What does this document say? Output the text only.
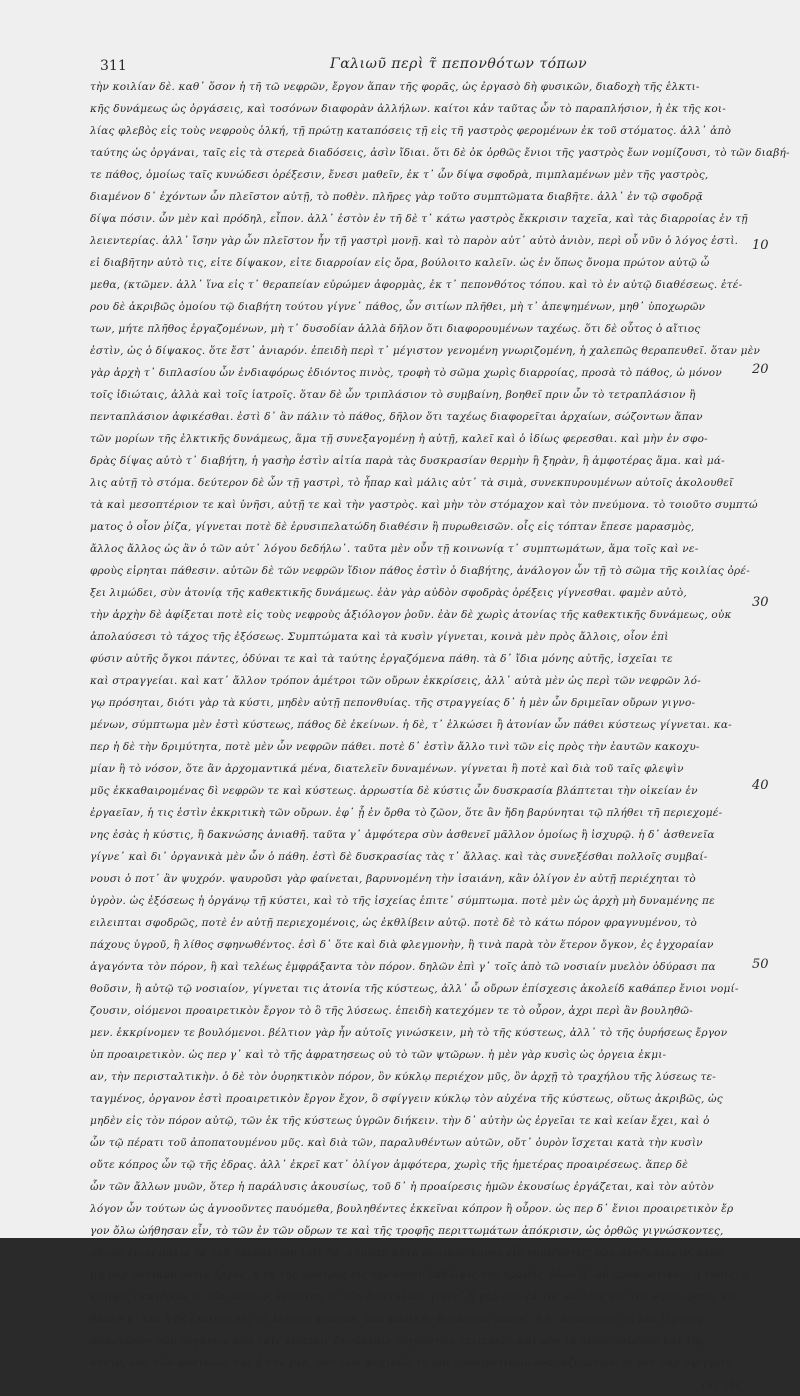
311	Γαλιωῦ περὶ τ̃ πεπονθότων τόπων
τὴν κοιλίαν δὲ. καθ᾽ ὅσον ἡ τῆ τῶ νεφρῶν, ἔργον ἅπαν τῆς φορᾶς, ὡς ἐργασὸ δὴ φυσικῶν, διαδοχὴ τῆς ἑλκτι-
κῆς δυνάμεως ὡς ὀργάσεις, καὶ τοσόνων διαφορὰν ἀλλήλων. καίτοι κἀν ταῦτας ὧν τὸ παραπλήσιον, ἡ ἐκ τῆς κοι-
λίας φλεβὸς εἰς τοὺς νεφροὺς ὁλκή, τῇ πρώτῃ καταπόσεις τῇ εἰς τῆ γαστρὸς φερομένων ἐκ τοῦ στόματος. ἀλλ᾽ ἀπὸ
ταύτης ὡς ὀργάναι, ταῖς εἰς τὰ στερεὰ διαδόσεις, ἀσὶν ἴδιαι. ὅτι δὲ ὀκ ὀρθῶς ἔνιοι τῆς γαστρὸς ἔων νομίζουσι, τὸ τῶν διαβή-
τε πάθος, ὁμοίως ταῖς κυνώδεσι ὀρέξεσιν, ἔνεσι μαθεῖν, ἐκ τ᾽ ὧν δίψα σφοδρὰ, πιμπλαμένων μὲν τῆς γαστρὸς,
διαμένον δ᾽ ἐχόντων ὧν πλεῖστον αὐτῇ, τὸ ποθὲν. πλῆρες γὰρ τοῦτο συμπτῶματα διαβῆτε. ἀλλ᾽ ἐν τῷ σφοδρᾷ
δίψα πόσιν. ὧν μὲν καὶ πρόδηλ, εἶπον. ἀλλ᾽ ἐστὸν ἐν τῆ δὲ τ᾽ κάτω γαστρὸς ἔκκρισιν ταχεῖα, καὶ τὰς διαρροίας ἐν τῇ
λειεντερίας. ἀλλ᾽ ἴσην γὰρ ὧν πλεῖστον ἦν τῇ γαστρὶ μονῇ. καὶ τὸ παρὸν αὐτ᾽ αὐτὸ ἀνιὸν, περὶ οὗ νῦν ὁ λόγος ἐστὶ.
εἰ διαβῆτην αὐτὸ τις, εἰτε δίψακον, εἰτε διαρροίαν εἰς ὄρα, βούλοιτο καλεῖν. ὡς ἐν ὅπως ὄνομα πρώτον αὐτῷ ὦ
μεθα, (κτῶμεν. ἀλλ᾽ ἵνα εἰς τ᾽ θεραπείαν εὐρώμεν ἀφορμὰς, ἐκ τ᾽ πεπονθότος τόπου. καὶ τὸ ἐν αὐτῷ διαθέσεως. ἑτέ-
ρου δὲ ἀκριβῶς ὁμοίου τῷ διαβήτη τούτου γίγνε᾽ πάθος, ὧν σιτίων πλῆθει, μὴ τ᾽ ἀπεψημένων, μηθ᾽ ὑποχωρῶν
των, μήτε πλῆθος ἐργαζομένων, μὴ τ᾽ δυσοδίαν ἀλλὰ δῆλον ὅτι διαφορουμένων ταχέως. ὅτι δὲ οὗτος ὁ αἴτιος
ἐστὶν, ὡς ὁ δίψακος. ὅτε ἔστ᾽ ἀνιαρόν. ἐπειδὴ περὶ τ᾽ μέγιστον γενομένη γνωριζομένη, ἡ χαλεπῶς θεραπευθεῖ. ὅταν μὲν
γὰρ ἀρχὴ τ᾽ διπλασίου ὧν ἐνδιαφόρως ἐδιόντος πινὸς, τροφὴ τὸ σῶμα χωρὶς διαρροίας, προσὰ τὸ πάθος, ὡ μόνον
τοῖς ἰδιώταις, ἀλλὰ καὶ τοῖς ἰατροῖς. ὅταν δὲ ὧν τριπλάσιον τὸ συμβαίνη, βοηθεῖ πριν ὧν τὸ τετραπλάσιον ἢ
πενταπλάσιον ἀφικέσθαι. ἐστὶ δ᾽ ἂν πάλιν τὸ πάθος, δῆλον ὅτι ταχέως διαφορεῖται ἀρχαίων, σώζοντων ἅπαν
τῶν μορίων τῆς ἑλκτικῆς δυνάμεως, ἅμα τῇ συνεξαγομένῃ ἡ αὐτῇ, καλεῖ καὶ ὁ ἰδίως φερεσθαι. καὶ μὴν ἐν σφο-
δρὰς δίψας αὐτὸ τ᾽ διαβήτη, ἡ γασὴρ ἐστὶν αἰτία παρὰ τὰς δυσκρασίαν θερμὴν ἢ ξηρὰν, ἢ ἀμφοτέρας ἅμα. καὶ μά-
λις αὐτῇ τὸ στόμα. δεύτερον δὲ ὧν τῇ γαστρὶ, τὸ ἦπαρ καὶ μάλις αὐτ᾽ τὰ σιμὰ, συνεκπυρουμένων αὐτοῖς ἀκολουθεῖ
τὰ καὶ μεσοπτέριον τε καὶ ὑνῆσι, αὐτῇ τε καὶ τὴν γαστρὸς. καὶ μὴν τὸν στόμαχον καὶ τὸν πνεύμονα. τὸ τοιοῦτο συμπτώ
ματος ὁ οἷον ῥίζα, γίγνεται ποτὲ δὲ ἐρυσιπελατώδη διαθέσιν ἢ πυρωθεισῶν. οἷς εἰς τόπταν ἔπεσε μαρασμὸς,
ἄλλος ἄλλος ὡς ἂν ὁ τῶν αὐτ᾽ λόγου δεδήλω᾽. ταῦτα μὲν οὖν τῇ κοινωνίᾳ τ᾽ συμπτωμάτων, ἅμα τοῖς καὶ νε-
φροὺς εἰρηται πάθεσιν. αὐτῶν δὲ τῶν νεφρῶν ἴδιον πάθος ἐστὶν ὁ διαβήτης, ἀνάλογον ὧν τῇ τὸ σῶμα τῆς κοιλίας ὀρέ-
ξει λιμώδει, σὺν ἀτονίᾳ τῆς καθεκτικῆς δυνάμεως. ἐὰν γὰρ αὐδὸν σφοδρὰς ὀρέξεις γίγνεσθαι. φαμὲν αὐτὸ,
τὴν ἀρχὴν δὲ ἀφίξεται ποτὲ εἰς τοὺς νεφροὺς ἀξιόλογον ῥοῦν. ἐὰν δὲ χωρὶς ἀτονίας τῆς καθεκτικῆς δυνάμεως, οὐκ
ἀπολαύσεσι τὸ τάχος τῆς ἐξόσεως. Συμπτώματα καὶ τὰ κυσὶν γίγνεται, κοινὰ μὲν πρὸς ἄλλοις, οἷον ἐπὶ
φύσιν αὐτῆς ὄγκοι πάντες, ὀδύναι τε καὶ τὰ ταύτης ἐργαζόμενα πάθη. τὰ δ᾽ ἴδια μόνης αὐτῆς, ἰσχεῖαι τε
καὶ στραγγείαι. καὶ κατ᾽ ἄλλον τρόπον ἀμέτροι τῶν οὔρων ἐκκρίσεις, ἀλλ᾽ αὐτὰ μὲν ὡς περὶ τῶν νεφρῶν λό-
γῳ πρόσηται, διότι γὰρ τὰ κύστι, μηδὲν αὐτῇ πεπονθυίας. τῆς στραγγείας δ᾽ ἡ μὲν ὧν δριμεῖαν οὔρων γιγνο-
μένων, σύμπτωμα μὲν ἐστὶ κύστεως, πάθος δὲ ἐκείνων. ἡ δὲ, τ᾽ ἑλκώσει ἢ ἀτονίαν ὧν πάθει κύστεως γίγνεται. κα-
περ ἡ δὲ τὴν δριμύτητα, ποτὲ μὲν ὧν νεφρῶν πάθει. ποτὲ δ᾽ ἐστὶν ἄλλο τινὶ τῶν εἰς πρὸς τὴν ἑαυτῶν κακοχυ-
μίαν ἢ τὸ νόσον, ὅτε ἂν ἀρχομαντικά μένα, διατελεῖν δυναμένων. γίγνεται ἢ ποτὲ καὶ διὰ τοῦ ταῖς φλεψὶν
μῦς ἐκκαθαιρομένας δὶ νεφρῶν τε καὶ κύστεως. ἀρρωστία δὲ κύστις ὧν δυσκρασία βλάπτεται τὴν οἰκείαν ἐν
ἐργαεῖαν, ἡ τις ἐστὶν ἐκκριτικὴ τῶν οὔρων. ἐφ᾽ ᾗ ἐν ὄρθα τὸ ζῶον, ὅτε ἂν ἤδη βαρύνηται τῷ πλήθει τῆ περιεχομέ-
νης ἐσὰς ἡ κύστις, ἢ δακνώσης ἀνιαθῆ. ταῦτα γ᾽ ἀμφότερα σὺν ἀσθενεῖ μᾶλλον ὁμοίως ἢ ἰσχυρῷ. ἡ δ᾽ ἀσθενεῖα
γίγνε᾽ καὶ δι᾽ ὀργανικὰ μὲν ὧν ὁ πάθη. ἐστὶ δὲ δυσκρασίας τὰς τ᾽ ἄλλας. καὶ τὰς συνεξέσθαι πολλοῖς συμβαί-
νουσι ὁ ποτ᾽ ἂν ψυχρόν. ψαυροῦσι γὰρ φαίνεται, βαρυνομένη τὴν ἰσαιάνη, κἂν ὀλίγον ἐν αὐτῇ περιέχηται τὸ
ὑγρὸν. ὡς ἐξόσεως ἡ ὀργάνῳ τῇ κύστει, καὶ τὸ τῆς ἰσχείας ἐπιτε᾽ σύμπτωμα. ποτὲ μὲν ὡς ἀρχὴ μὴ δυναμένης πε
ειλειπται σφοδρῶς, ποτὲ ἐν αὐτῇ περιεχομένοις, ὡς ἐκθλίβειν αὐτῷ. ποτὲ δὲ τὸ κάτω πόρον φραγνυμένου, τὸ
πάχους ὑγροῦ, ἢ λίθος σφηνωθέντος. ἐσὶ δ᾽ ὅτε καὶ διὰ φλεγμονὴν, ἢ τινὰ παρὰ τὸν ἕτερον ὄγκον, ἐς ἐγχοραίαν
ἀγαγόντα τὸν πόρον, ἢ καὶ τελέως ἐμφράξαντα τὸν πόρον. δηλῶν ἐπὶ γ᾽ τοῖς ἀπὸ τῶ νοσιαίν μυελὸν ὀδύρασι πα
θοῦσιν, ἢ αὐτῷ τῷ νοσιαίον, γίγνεται τις ἀτονία τῆς κύστεως, ἀλλ᾽ ὧ οὔρων ἐπίσχεσις ἀκολείδ καθάπερ ἔνιοι νομί-
ζουσιν, οἰόμενοι προαιρετικὸν ἔργον τὸ ὃ τῆς λύσεως. ἐπειδὴ κατεχόμεν τε τὸ οὖρον, ἀχρι περὶ ἂν βουληθῶ-
μεν. ἐκκρίνομεν τε βουλόμενοι. βέλτιον γὰρ ἦν αὐτοῖς γινώσκειν, μὴ τὸ τῆς κύστεως, ἀλλ᾽ τὸ τῆς ὀυρήσεως ἔργον
ὑπ προαιρετικὸν. ὡς περ γ᾽ καὶ τὸ τῆς ἀφρατησεως οὐ τὸ τῶν ψτῶρων. ἡ μὲν γὰρ κυσὶς ὡς ὀργεια ἐκμι-
αν, τὴν περισταλτικὴν. ὁ δὲ τὸν ὀυρηκτικὸν πόρον, ὃν κύκλῳ περιέχον μῦς, ὃν ἀρχῇ τὸ τραχήλου τῆς λύσεως τε-
ταγμένος, ὀργανον ἐστὶ προαιρετικὸν ἔργον ἔχον, ὃ σφίγγειν κύκλῳ τὸν αὐχένα τῆς κύστεως, οὕτως ἀκριβῶς, ὡς
μηδὲν εἰς τὸν πόρον αὐτῷ, τῶν ἐκ τῆς κύστεως ὑγρῶν διήκειν. τὴν δ᾽ αὐτὴν ὡς ἐργεῖαι τε καὶ κείαν ἔχει, καὶ ὁ
ὧν τῷ πέρατι τοῦ ἀποπατουμένου μῦς. καὶ διὰ τῶν, παραλυθέντων αὐτῶν, οὔτ᾽ ὀυρὸν ἴσχεται κατὰ τὴν κυσὶν
οὔτε κόπρος ὧν τῷ τῆς ἐδρας. ἀλλ᾽ ἐκρεῖ κατ᾽ ὀλίγον ἀμφότερα, χωρὶς τῆς ἡμετέρας προαιρέσεως. ἅπερ δὲ
ὧν τῶν ἄλλων μυῶν, ὅτερ ἡ παράλυσις ἀκουσίως, τοῦ δ᾽ ἡ προαίρεσις ἡμῶν ἐκουσίως ἐργάζεται, καὶ τὸν αὐτὸν
λόγον ὧν τούτων ὡς ἀγνοοῦντες παυόμεθα, βουληθέντες ἐκκεῖναι κόπρον ἢ οὖρον. ὡς περ δ᾽ ἔνιοι προαιρετικὸν ἔρ
γον ὄλω ὠήθησαν εἶν, τὸ τῶν ἐν τῶν οὔρων τε καὶ τῆς τροφῆς περιττωμάτων ἀπόκρισιν, ὡς ὀρθῶς γιγνώσκοντες,
οὕτως ἔνιοι πάλιν ἐκ τοῦ ὑπεναντίου τοῖς δὲ, σύμπαν αὐτὸ φυσικὸν ἔργον εἶν νομίζοντες, οὐκ ἀληθεύουσιν. ὅλον
μὴ γὰρ φυσικὸν ἐστὶν ἔργον, ἡ ἐκ τῆς γαστρὸς εἰς τὴν νῆσιν ἔκθλιψις τῆς τροφῆς. ὅλον δ᾽ αὖ προαιρετικὸν, ἡ τάσις, ἡ
κάμψις ἑκατέρων τε τῶν κώλων, ἑκάστου τε τῶν δακτύλων. γίγνε᾽ ἡ γὰρ μὲν ἐκ τῆς κοιλίας εἰς τὴν νῆσιν φορά, κα
θάπερ γ᾽ καὶ ἡ δὲ ἐκείνης εἰς τὸ λεπτὸν ψτῶρον, ὑπὸ φυσικῆς δυνάμεως μόνης. ἡ δ᾽ ἀφρατησις τε καὶ ἔξρησις
ἀμφοτέρων τῶν ὀργάνων ἅμα ταῖς οἰκείαις δυνάμεσιν ἐργούντων ἐπιτελεῖ᾽. καὶ μὴν τὸ ἀπευθυσμένον καὶ τῆς
κυσὶν, ὑπὸ τῶν φυσικῶν. καὶ ᾗ σὺν μὲν, ὑπὸ τῶν ψυχικῶν τε καὶ προαιρετικῶν ὀνομαζομένων. οἱ μὲν γὰρ σφίγγειν
τὰς τῆς
10
20
30
40
50
